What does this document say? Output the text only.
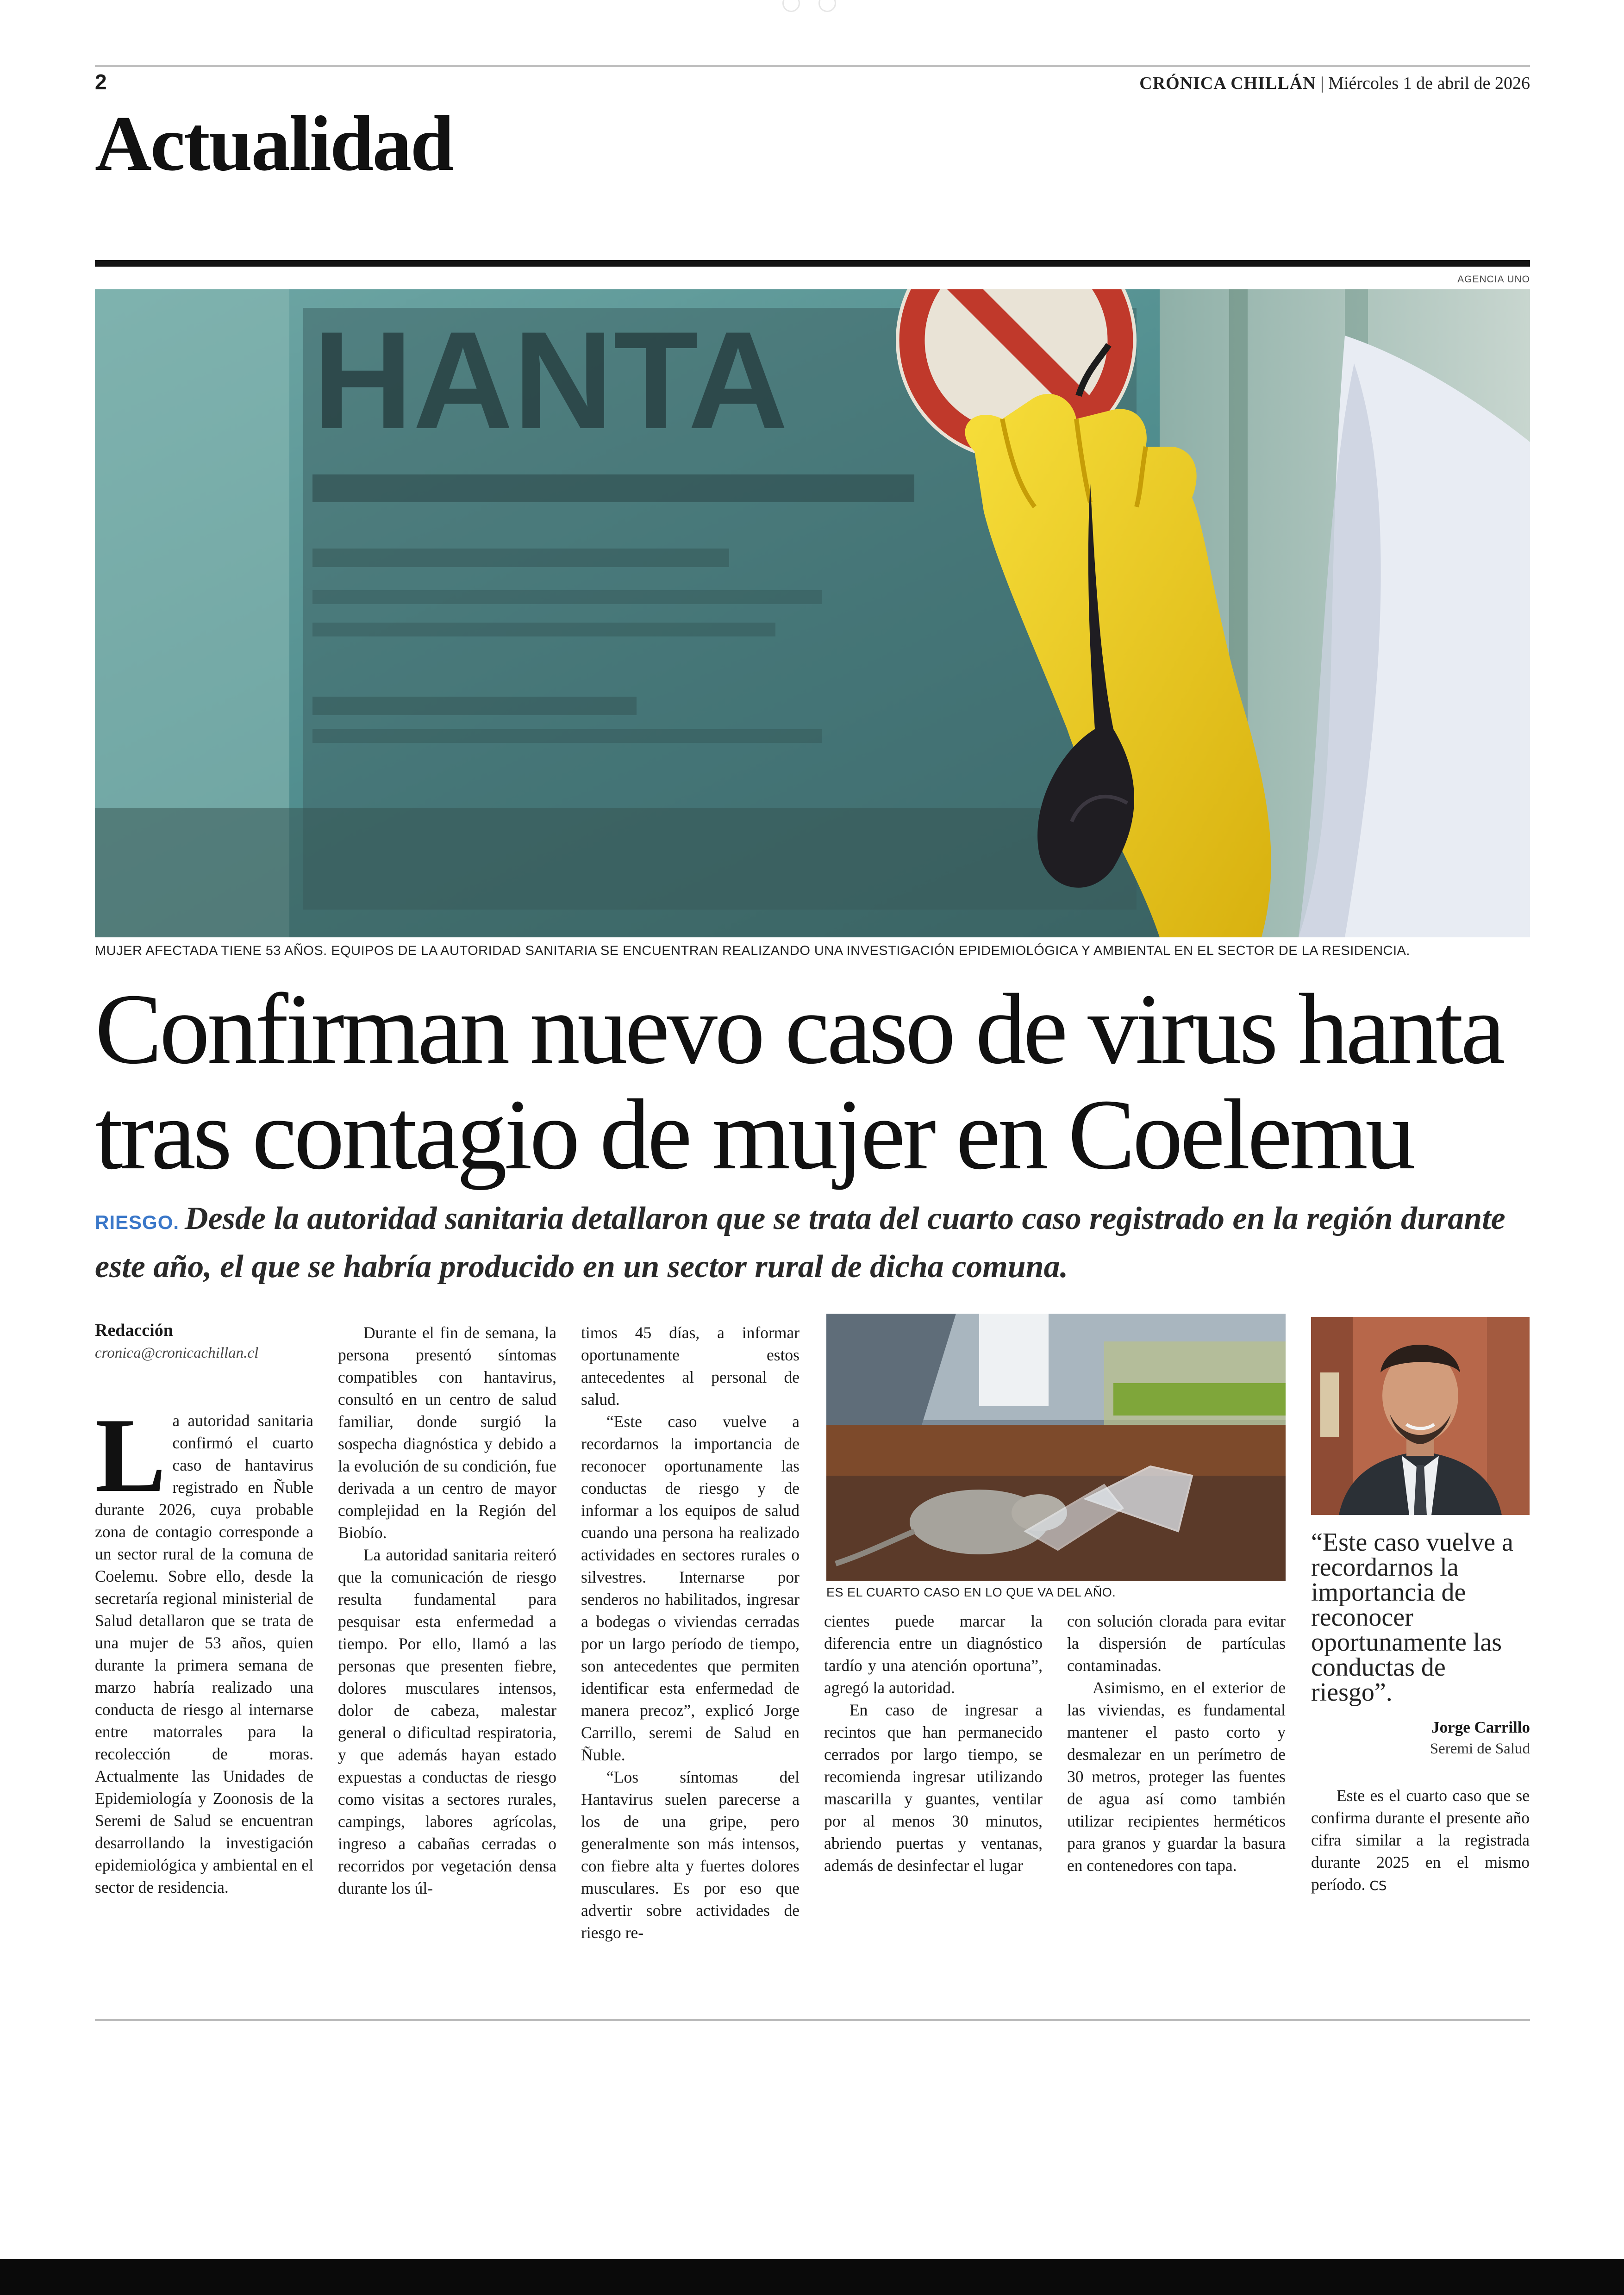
2	CRÓNICA CHILLÁN | Miércoles 1 de abril de 2026
Actualidad
AGENCIA UNO
HANTA
MUJER AFECTADA TIENE 53 AÑOS. EQUIPOS DE LA AUTORIDAD SANITARIA SE ENCUENTRAN REALIZANDO UNA INVESTIGACIÓN EPIDEMIOLÓGICA Y AMBIENTAL EN EL SECTOR DE LA RESIDENCIA.
Confirman nuevo caso de virus hanta
tras contagio de mujer en Coelemu
RIESGO. Desde la autoridad sanitaria detallaron que se trata del cuarto caso registrado en la región durante este año, el que se habría producido en un sector rural de dicha comuna.
Redacción
cronica@cronicachillan.cl

La autoridad sanitaria confirmó el cuarto caso de hantavirus registrado en Ñuble durante 2026, cuya probable zona de contagio corresponde a un sector rural de la comuna de Coelemu. Sobre ello, desde la secretaría regional ministerial de Salud detallaron que se trata de una mujer de 53 años, quien durante la primera semana de marzo habría realizado una conducta de riesgo al internarse entre matorrales para la recolección de moras. Actualmente las Unidades de Epidemiología y Zoonosis de la Seremi de Salud se encuentran desarrollando la investigación epidemiológica y ambiental en el sector de residencia.

Durante el fin de semana, la persona presentó síntomas compatibles con hantavirus, consultó en un centro de salud familiar, donde surgió la sospecha diagnóstica y debido a la evolución de su condición, fue derivada a un centro de mayor complejidad en la Región del Biobío.

La autoridad sanitaria reiteró que la comunicación de riesgo resulta fundamental para pesquisar esta enfermedad a tiempo. Por ello, llamó a las personas que presenten fiebre, dolores musculares intensos, dolor de cabeza, malestar general o dificultad respiratoria, y que además hayan estado expuestas a conductas de riesgo como visitas a sectores rurales, campings, labores agrícolas, ingreso a cabañas cerradas o recorridos por vegetación densa durante los úl-

timos 45 días, a informar oportunamente estos antecedentes al personal de salud.

“Este caso vuelve a recordarnos la importancia de reconocer oportunamente las conductas de riesgo y de informar a los equipos de salud cuando una persona ha realizado actividades en sectores rurales o silvestres. Internarse por senderos no habilitados, ingresar a bodegas o viviendas cerradas por un largo período de tiempo, son antecedentes que permiten identificar esta enfermedad de manera precoz”, explicó Jorge Carrillo, seremi de Salud en Ñuble.

“Los síntomas del Hantavirus suelen parecerse a los de una gripe, pero generalmente son más intensos, con fiebre alta y fuertes dolores musculares. Es por eso que advertir sobre actividades de riesgo re-

ES EL CUARTO CASO EN LO QUE VA DEL AÑO.

cientes puede marcar la diferencia entre un diagnóstico tardío y una atención oportuna”, agregó la autoridad.

En caso de ingresar a recintos que han permanecido cerrados por largo tiempo, se recomienda ingresar utilizando mascarilla y guantes, ventilar por al menos 30 minutos, abriendo puertas y ventanas, además de desinfectar el lugar

con solución clorada para evitar la dispersión de partículas contaminadas.

Asimismo, en el exterior de las viviendas, es fundamental mantener el pasto corto y desmalezar en un perímetro de 30 metros, proteger las fuentes de agua así como también utilizar recipientes herméticos para granos y guardar la basura en contenedores con tapa.

“Este caso vuelve a recordarnos la importancia de reconocer oportunamente las conductas de riesgo”.
Jorge Carrillo
Seremi de Salud

Este es el cuarto caso que se confirma durante el presente año cifra similar a la registrada durante 2025 en el mismo período. CS
